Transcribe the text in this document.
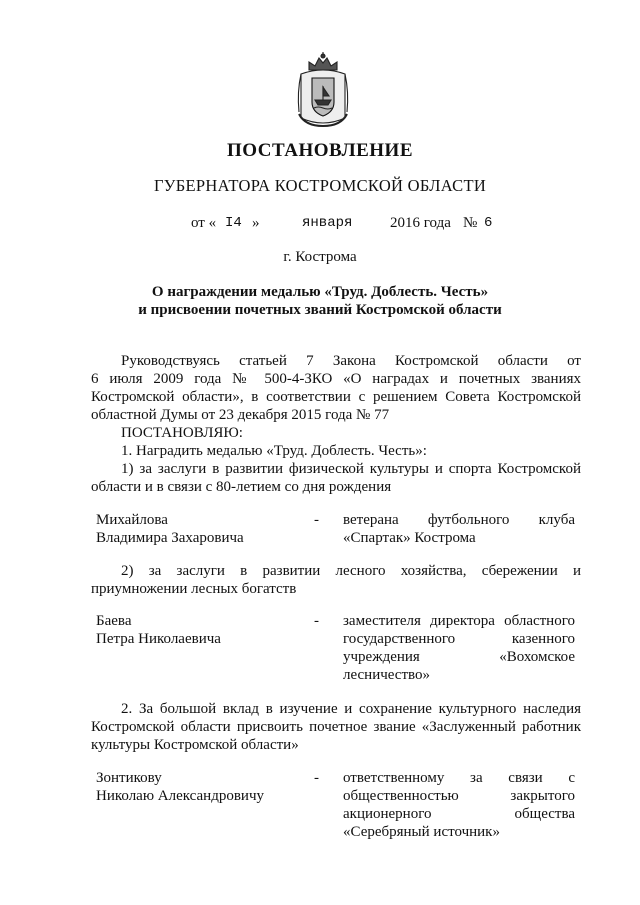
ПОСТАНОВЛЕНИЕ
ГУБЕРНАТОРА КОСТРОМСКОЙ ОБЛАСТИ
от « I4 »	января	2016 года № 6
г. Кострома
О награждении медалью «Труд. Доблесть. Честь»
и присвоении почетных званий Костромской области
Руководствуясь статьей 7 Закона Костромской области от
6 июля 2009 года № 500-4-ЗКО «О наградах и почетных званиях
Костромской области», в соответствии с решением Совета Костромской
областной Думы от 23 декабря 2015 года № 77
ПОСТАНОВЛЯЮ:
1. Наградить медалью «Труд. Доблесть. Честь»:
1) за заслуги в развитии физической культуры и спорта Костромской
области и в связи с 80-летием со дня рождения
Михайлова
Владимира Захаровича
- ветерана футбольного клуба
«Спартак» Кострома
2) за заслуги в развитии лесного хозяйства, сбережении и
приумножении лесных богатств
Баева
Петра Николаевича
- заместителя директора областного
государственного казенного
учреждения «Вохомское
лесничество»
2. За большой вклад в изучение и сохранение культурного наследия
Костромской области присвоить почетное звание «Заслуженный работник
культуры Костромской области»
Зонтикову
Николаю Александровичу
- ответственному за связи с
общественностью закрытого
акционерного общества
«Серебряный источник»
